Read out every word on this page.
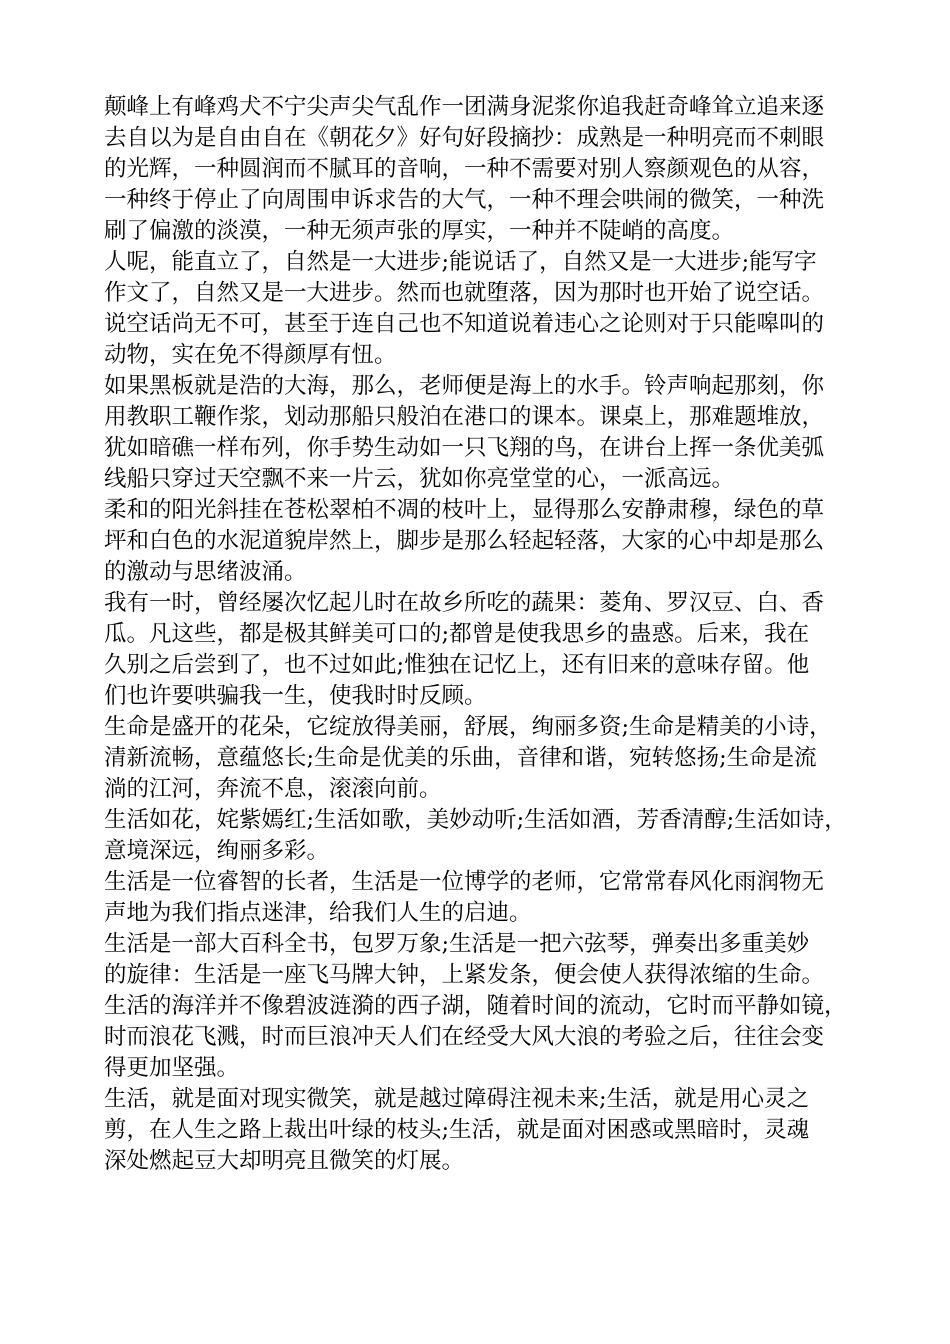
颠峰上有峰鸡犬不宁尖声尖气乱作一团满身泥浆你追我赶奇峰耸立追来逐
去自以为是自由自在《朝花夕》好句好段摘抄：成熟是一种明亮而不刺眼
的光辉，一种圆润而不腻耳的音响，一种不需要对别人察颜观色的从容，
一种终于停止了向周围申诉求告的大气，一种不理会哄闹的微笑，一种洗
刷了偏激的淡漠，一种无须声张的厚实，一种并不陡峭的高度。
人呢，能直立了，自然是一大进步;能说话了，自然又是一大进步;能写字
作文了，自然又是一大进步。然而也就堕落，因为那时也开始了说空话。
说空话尚无不可，甚至于连自己也不知道说着违心之论则对于只能嗥叫的
动物，实在免不得颜厚有忸。
如果黑板就是浩的大海，那么，老师便是海上的水手。铃声响起那刻，你
用教职工鞭作浆，划动那船只般泊在港口的课本。课桌上，那难题堆放，
犹如暗礁一样布列，你手势生动如一只飞翔的鸟，在讲台上挥一条优美弧
线船只穿过天空飘不来一片云，犹如你亮堂堂的心，一派高远。
柔和的阳光斜挂在苍松翠柏不凋的枝叶上，显得那么安静肃穆，绿色的草
坪和白色的水泥道貌岸然上，脚步是那么轻起轻落，大家的心中却是那么
的激动与思绪波涌。
我有一时，曾经屡次忆起儿时在故乡所吃的蔬果：菱角、罗汉豆、白、香
瓜。凡这些，都是极其鲜美可口的;都曾是使我思乡的蛊惑。后来，我在
久别之后尝到了，也不过如此;惟独在记忆上，还有旧来的意味存留。他
们也许要哄骗我一生，使我时时反顾。
生命是盛开的花朵，它绽放得美丽，舒展，绚丽多资;生命是精美的小诗，
清新流畅，意蕴悠长;生命是优美的乐曲，音律和谐，宛转悠扬;生命是流
淌的江河，奔流不息，滚滚向前。
生活如花，姹紫嫣红;生活如歌，美妙动听;生活如酒，芳香清醇;生活如诗，
意境深远，绚丽多彩。
生活是一位睿智的长者，生活是一位博学的老师，它常常春风化雨润物无
声地为我们指点迷津，给我们人生的启迪。
生活是一部大百科全书，包罗万象;生活是一把六弦琴，弹奏出多重美妙
的旋律：生活是一座飞马牌大钟，上紧发条，便会使人获得浓缩的生命。
生活的海洋并不像碧波涟漪的西子湖，随着时间的流动，它时而平静如镜，
时而浪花飞溅，时而巨浪冲天人们在经受大风大浪的考验之后，往往会变
得更加坚强。
生活，就是面对现实微笑，就是越过障碍注视未来;生活，就是用心灵之
剪，在人生之路上裁出叶绿的枝头;生活，就是面对困惑或黑暗时，灵魂
深处燃起豆大却明亮且微笑的灯展。
